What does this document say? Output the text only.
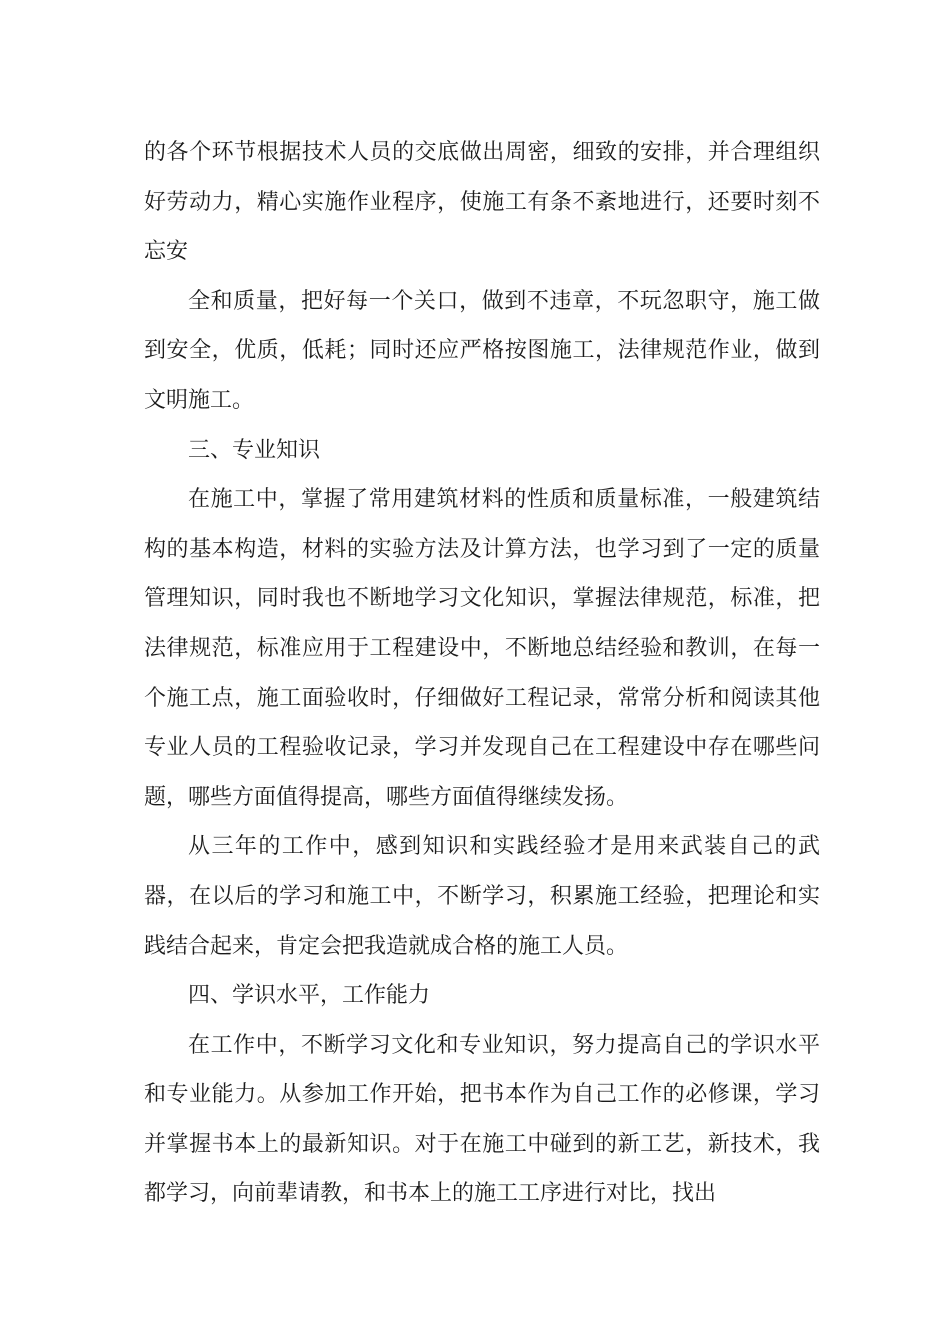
的各个环节根据技术人员的交底做出周密，细致的安排，并合理组织好劳动力，精心实施作业程序，使施工有条不紊地进行，还要时刻不忘安

全和质量，把好每一个关口，做到不违章，不玩忽职守，施工做到安全，优质，低耗；同时还应严格按图施工，法律规范作业，做到文明施工。

三、专业知识

在施工中，掌握了常用建筑材料的性质和质量标准，一般建筑结构的基本构造，材料的实验方法及计算方法，也学习到了一定的质量管理知识，同时我也不断地学习文化知识，掌握法律规范，标准，把法律规范，标准应用于工程建设中，不断地总结经验和教训，在每一个施工点，施工面验收时，仔细做好工程记录，常常分析和阅读其他专业人员的工程验收记录，学习并发现自己在工程建设中存在哪些问题，哪些方面值得提高，哪些方面值得继续发扬。

从三年的工作中，感到知识和实践经验才是用来武装自己的武器，在以后的学习和施工中，不断学习，积累施工经验，把理论和实践结合起来，肯定会把我造就成合格的施工人员。

四、学识水平，工作能力

在工作中，不断学习文化和专业知识，努力提高自己的学识水平和专业能力。从参加工作开始，把书本作为自己工作的必修课，学习并掌握书本上的最新知识。对于在施工中碰到的新工艺，新技术，我都学习，向前辈请教，和书本上的施工工序进行对比，找出
